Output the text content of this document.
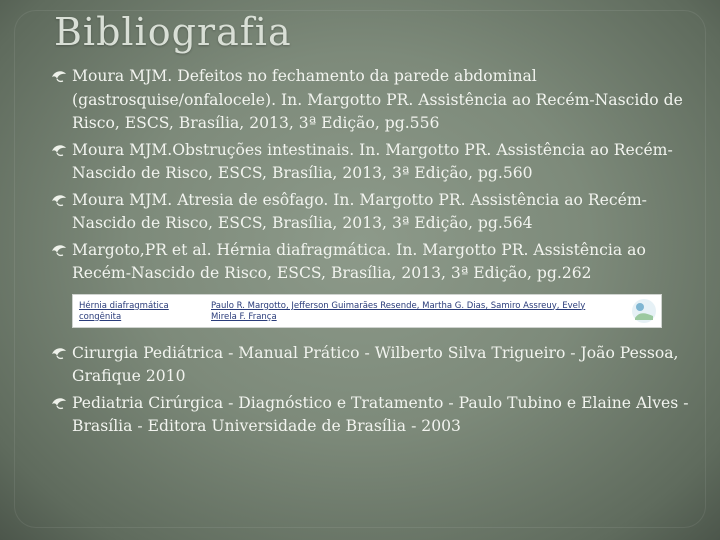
Bibliografia
Moura MJM. Defeitos no fechamento da parede abdominal (gastrosquise/onfalocele). In. Margotto PR. Assistência ao Recém-Nascido de Risco, ESCS, Brasília, 2013, 3ª Edição, pg.556
Moura MJM.Obstruções intestinais. In. Margotto PR. Assistência ao Recém-Nascido de Risco, ESCS, Brasília, 2013, 3ª Edição, pg.560
Moura MJM. Atresia de esôfago. In. Margotto PR. Assistência ao Recém-Nascido de Risco, ESCS, Brasília, 2013, 3ª Edição, pg.564
Margoto,PR et al. Hérnia diafragmática. In. Margotto PR. Assistência ao Recém-Nascido de Risco, ESCS, Brasília, 2013, 3ª Edição, pg.262
Hérnia diafragmática congênita
Paulo R. Margotto, Jefferson Guimarães Resende, Martha G. Dias, Samiro Assreuy, Evely Mirela F. França
Cirurgia Pediátrica - Manual Prático - Wilberto Silva Trigueiro - João Pessoa, Grafique 2010
Pediatria Cirúrgica - Diagnóstico e Tratamento - Paulo Tubino e Elaine Alves - Brasília - Editora Universidade de Brasília - 2003
